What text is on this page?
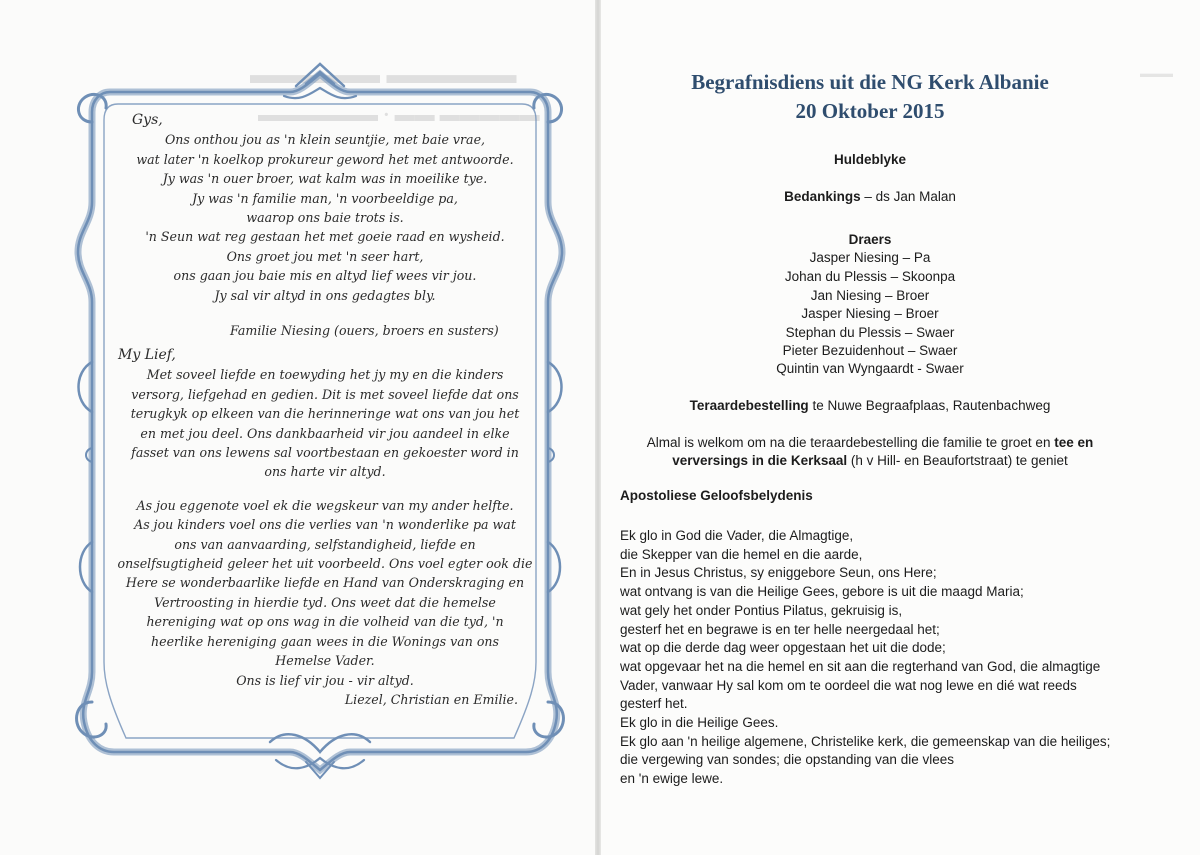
▬▬▬▬▬ ▬▬▬▬▬
▬▬▬▬▬▬ · ▬▬ ▬▬▬▬▬
▬▬▬
Gys,
Ons onthou jou as 'n klein seuntjie, met baie vrae,
wat later 'n koelkop prokureur geword het met antwoorde.
Jy was 'n ouer broer, wat kalm was in moeilike tye.
Jy was 'n familie man, 'n voorbeeldige pa,
waarop ons baie trots is.
'n Seun wat reg gestaan het met goeie raad en wysheid.
Ons groet jou met 'n seer hart,
ons gaan jou baie mis en altyd lief wees vir jou.
Jy sal vir altyd in ons gedagtes bly.
Familie Niesing (ouers, broers en susters)
My Lief,
Met soveel liefde en toewyding het jy my en die kinders
versorg, liefgehad en gedien. Dit is met soveel liefde dat ons
terugkyk op elkeen van die herinneringe wat ons van jou het
en met jou deel. Ons dankbaarheid vir jou aandeel in elke
fasset van ons lewens sal voortbestaan en gekoester word in
ons harte vir altyd.
As jou eggenote voel ek die wegskeur van my ander helfte.
As jou kinders voel ons die verlies van 'n wonderlike pa wat
ons van aanvaarding, selfstandigheid, liefde en
onselfsugtigheid geleer het uit voorbeeld. Ons voel egter ook die
Here se wonderbaarlike liefde en Hand van Onderskraging en
Vertroosting in hierdie tyd. Ons weet dat die hemelse
hereniging wat op ons wag in die volheid van die tyd, 'n
heerlike hereniging gaan wees in die Wonings van ons
Hemelse Vader.
Ons is lief vir jou - vir altyd.
Liezel, Christian en Emilie.
Begrafnisdiens uit die NG Kerk Albanie
20 Oktober 2015
Huldeblyke
Bedankings – ds Jan Malan
Draers
Jasper Niesing – Pa
Johan du Plessis – Skoonpa
Jan Niesing – Broer
Jasper Niesing – Broer
Stephan du Plessis – Swaer
Pieter Bezuidenhout – Swaer
Quintin van Wyngaardt - Swaer
Teraardebestelling te Nuwe Begraafplaas, Rautenbachweg
Almal is welkom om na die teraardebestelling die familie te groet en tee en
verversings in die Kerksaal (h v Hill- en Beaufortstraat) te geniet
Apostoliese Geloofsbelydenis
Ek glo in God die Vader, die Almagtige,
die Skepper van die hemel en die aarde,
En in Jesus Christus, sy eniggebore Seun, ons Here;
wat ontvang is van die Heilige Gees, gebore is uit die maagd Maria;
wat gely het onder Pontius Pilatus, gekruisig is,
gesterf het en begrawe is en ter helle neergedaal het;
wat op die derde dag weer opgestaan het uit die dode;
wat opgevaar het na die hemel en sit aan die regterhand van God, die almagtige
Vader, vanwaar Hy sal kom om te oordeel die wat nog lewe en dié wat reeds
gesterf het.
Ek glo in die Heilige Gees.
Ek glo aan 'n heilige algemene, Christelike kerk, die gemeenskap van die heiliges;
die vergewing van sondes; die opstanding van die vlees
en 'n ewige lewe.
